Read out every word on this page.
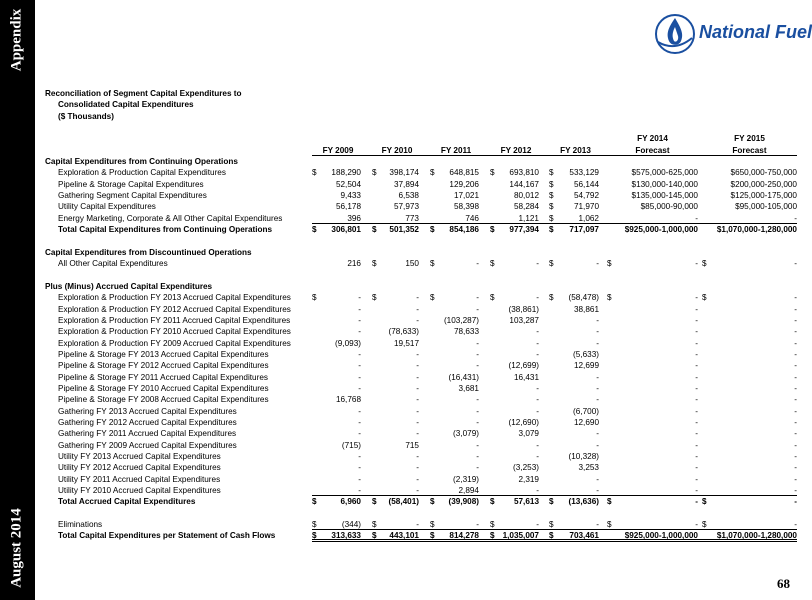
Appendix
August 2014
National Fuel
Reconciliation of Segment Capital Expenditures to
Consolidated Capital Expenditures
($ Thousands)
FY 2014	FY 2015
FY 2009	FY 2010	FY 2011	FY 2012	FY 2013	Forecast	Forecast
Capital Expenditures from Continuing Operations
Exploration & Production Capital Expenditures	$	188,290 $	398,174 $	648,815 $	693,810 $	533,129	$575,000-625,000	$650,000-750,000
Pipeline & Storage Capital Expenditures	52,504	37,894	129,206	144,167 $	56,144	$130,000-140,000	$200,000-250,000
Gathering Segment Capital Expenditures	9,433	6,538	17,021	80,012 $	54,792	$135,000-145,000	$125,000-175,000
Utility Capital Expenditures	56,178	57,973	58,398	58,284 $	71,970	$85,000-90,000	$95,000-105,000
Energy Marketing, Corporate & All Other Capital Expenditures	396	773	746	1,121 $	1,062	-	-
Total Capital Expenditures from Continuing Operations	$	306,801 $	501,352 $	854,186 $	977,394 $	717,097	$925,000-1,000,000	$1,070,000-1,280,000
Capital Expenditures from Discountinued Operations
All Other Capital Expenditures	216 $	150 $	- $	- $	- $	- $	-
Plus (Minus) Accrued Capital Expenditures
Exploration & Production FY 2013 Accrued Capital Expenditures	$	- $	- $	- $	- $	(58,478) $	- $	-
Exploration & Production FY 2012 Accrued Capital Expenditures	-	-	-	(38,861)	38,861	-	-
Exploration & Production FY 2011 Accrued Capital Expenditures	-	-	(103,287)	103,287	-	-	-
Exploration & Production FY 2010 Accrued Capital Expenditures	-	(78,633)	78,633	-	-	-	-
Exploration & Production FY 2009 Accrued Capital Expenditures	(9,093)	19,517	-	-	-	-	-
Pipeline & Storage FY 2013 Accrued Capital Expenditures	-	-	-	-	(5,633)	-	-
Pipeline & Storage FY 2012 Accrued Capital Expenditures	-	-	-	(12,699)	12,699	-	-
Pipeline & Storage FY 2011 Accrued Capital Expenditures	-	-	(16,431)	16,431	-	-	-
Pipeline & Storage FY 2010 Accrued Capital Expenditures	-	-	3,681	-	-	-	-
Pipeline & Storage FY 2008 Accrued Capital Expenditures	16,768	-	-	-	-	-	-
Gathering FY 2013 Accrued Capital Expenditures	-	-	-	-	(6,700)	-	-
Gathering FY 2012 Accrued Capital Expenditures	-	-	-	(12,690)	12,690	-	-
Gathering FY 2011 Accrued Capital Expenditures	-	-	(3,079)	3,079	-	-	-
Gathering FY 2009 Accrued Capital Expenditures	(715)	715	-	-	-	-	-
Utility FY 2013 Accrued Capital Expenditures	-	-	-	-	(10,328)	-	-
Utility FY 2012 Accrued Capital Expenditures	-	-	-	(3,253)	3,253	-	-
Utility FY 2011 Accrued Capital Expenditures	-	-	(2,319)	2,319	-	-	-
Utility FY 2010 Accrued Capital Expenditures	-	-	2,894	-	-	-	-
Total Accrued Capital Expenditures	$	6,960 $	(58,401) $	(39,908) $	57,613 $	(13,636) $	- $	-
Eliminations	$	(344) $	- $	- $	- $	- $	- $	-
Total Capital Expenditures per Statement of Cash Flows	$	313,633 $	443,101 $	814,278 $ 1,035,007 $	703,461	$925,000-1,000,000	$1,070,000-1,280,000
68
